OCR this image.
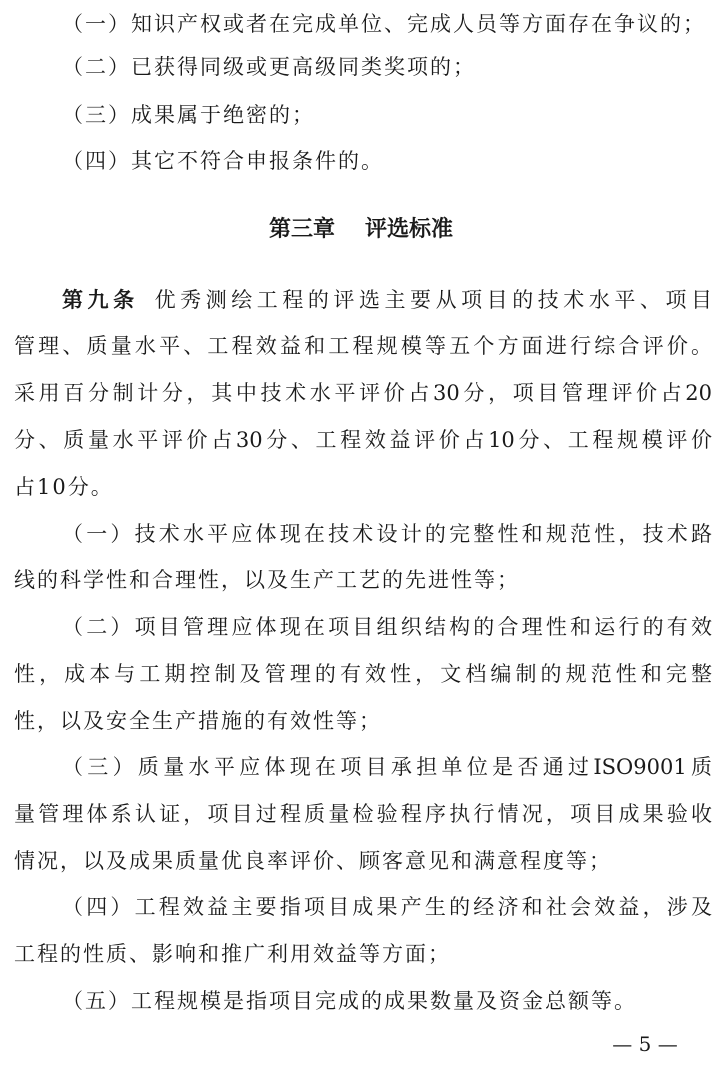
（一）知识产权或者在完成单位、完成人员等方面存在争议的；
（二）已获得同级或更高级同类奖项的；
（三）成果属于绝密的；
（四）其它不符合申报条件的。
第三章 评选标准
第九条 优秀测绘工程的评选主要从项目的技术水平、项目
管理、质量水平、工程效益和工程规模等五个方面进行综合评价。
采用百分制计分，其中技术水平评价占30分，项目管理评价占20
分、质量水平评价占30分、工程效益评价占10分、工程规模评价
占10分。
（一）技术水平应体现在技术设计的完整性和规范性，技术路
线的科学性和合理性，以及生产工艺的先进性等；
（二）项目管理应体现在项目组织结构的合理性和运行的有效
性，成本与工期控制及管理的有效性，文档编制的规范性和完整
性，以及安全生产措施的有效性等；
（三）质量水平应体现在项目承担单位是否通过ISO9001质
量管理体系认证，项目过程质量检验程序执行情况，项目成果验收
情况，以及成果质量优良率评价、顾客意见和满意程度等；
（四）工程效益主要指项目成果产生的经济和社会效益，涉及
工程的性质、影响和推广利用效益等方面；
（五）工程规模是指项目完成的成果数量及资金总额等。
— 5 —
